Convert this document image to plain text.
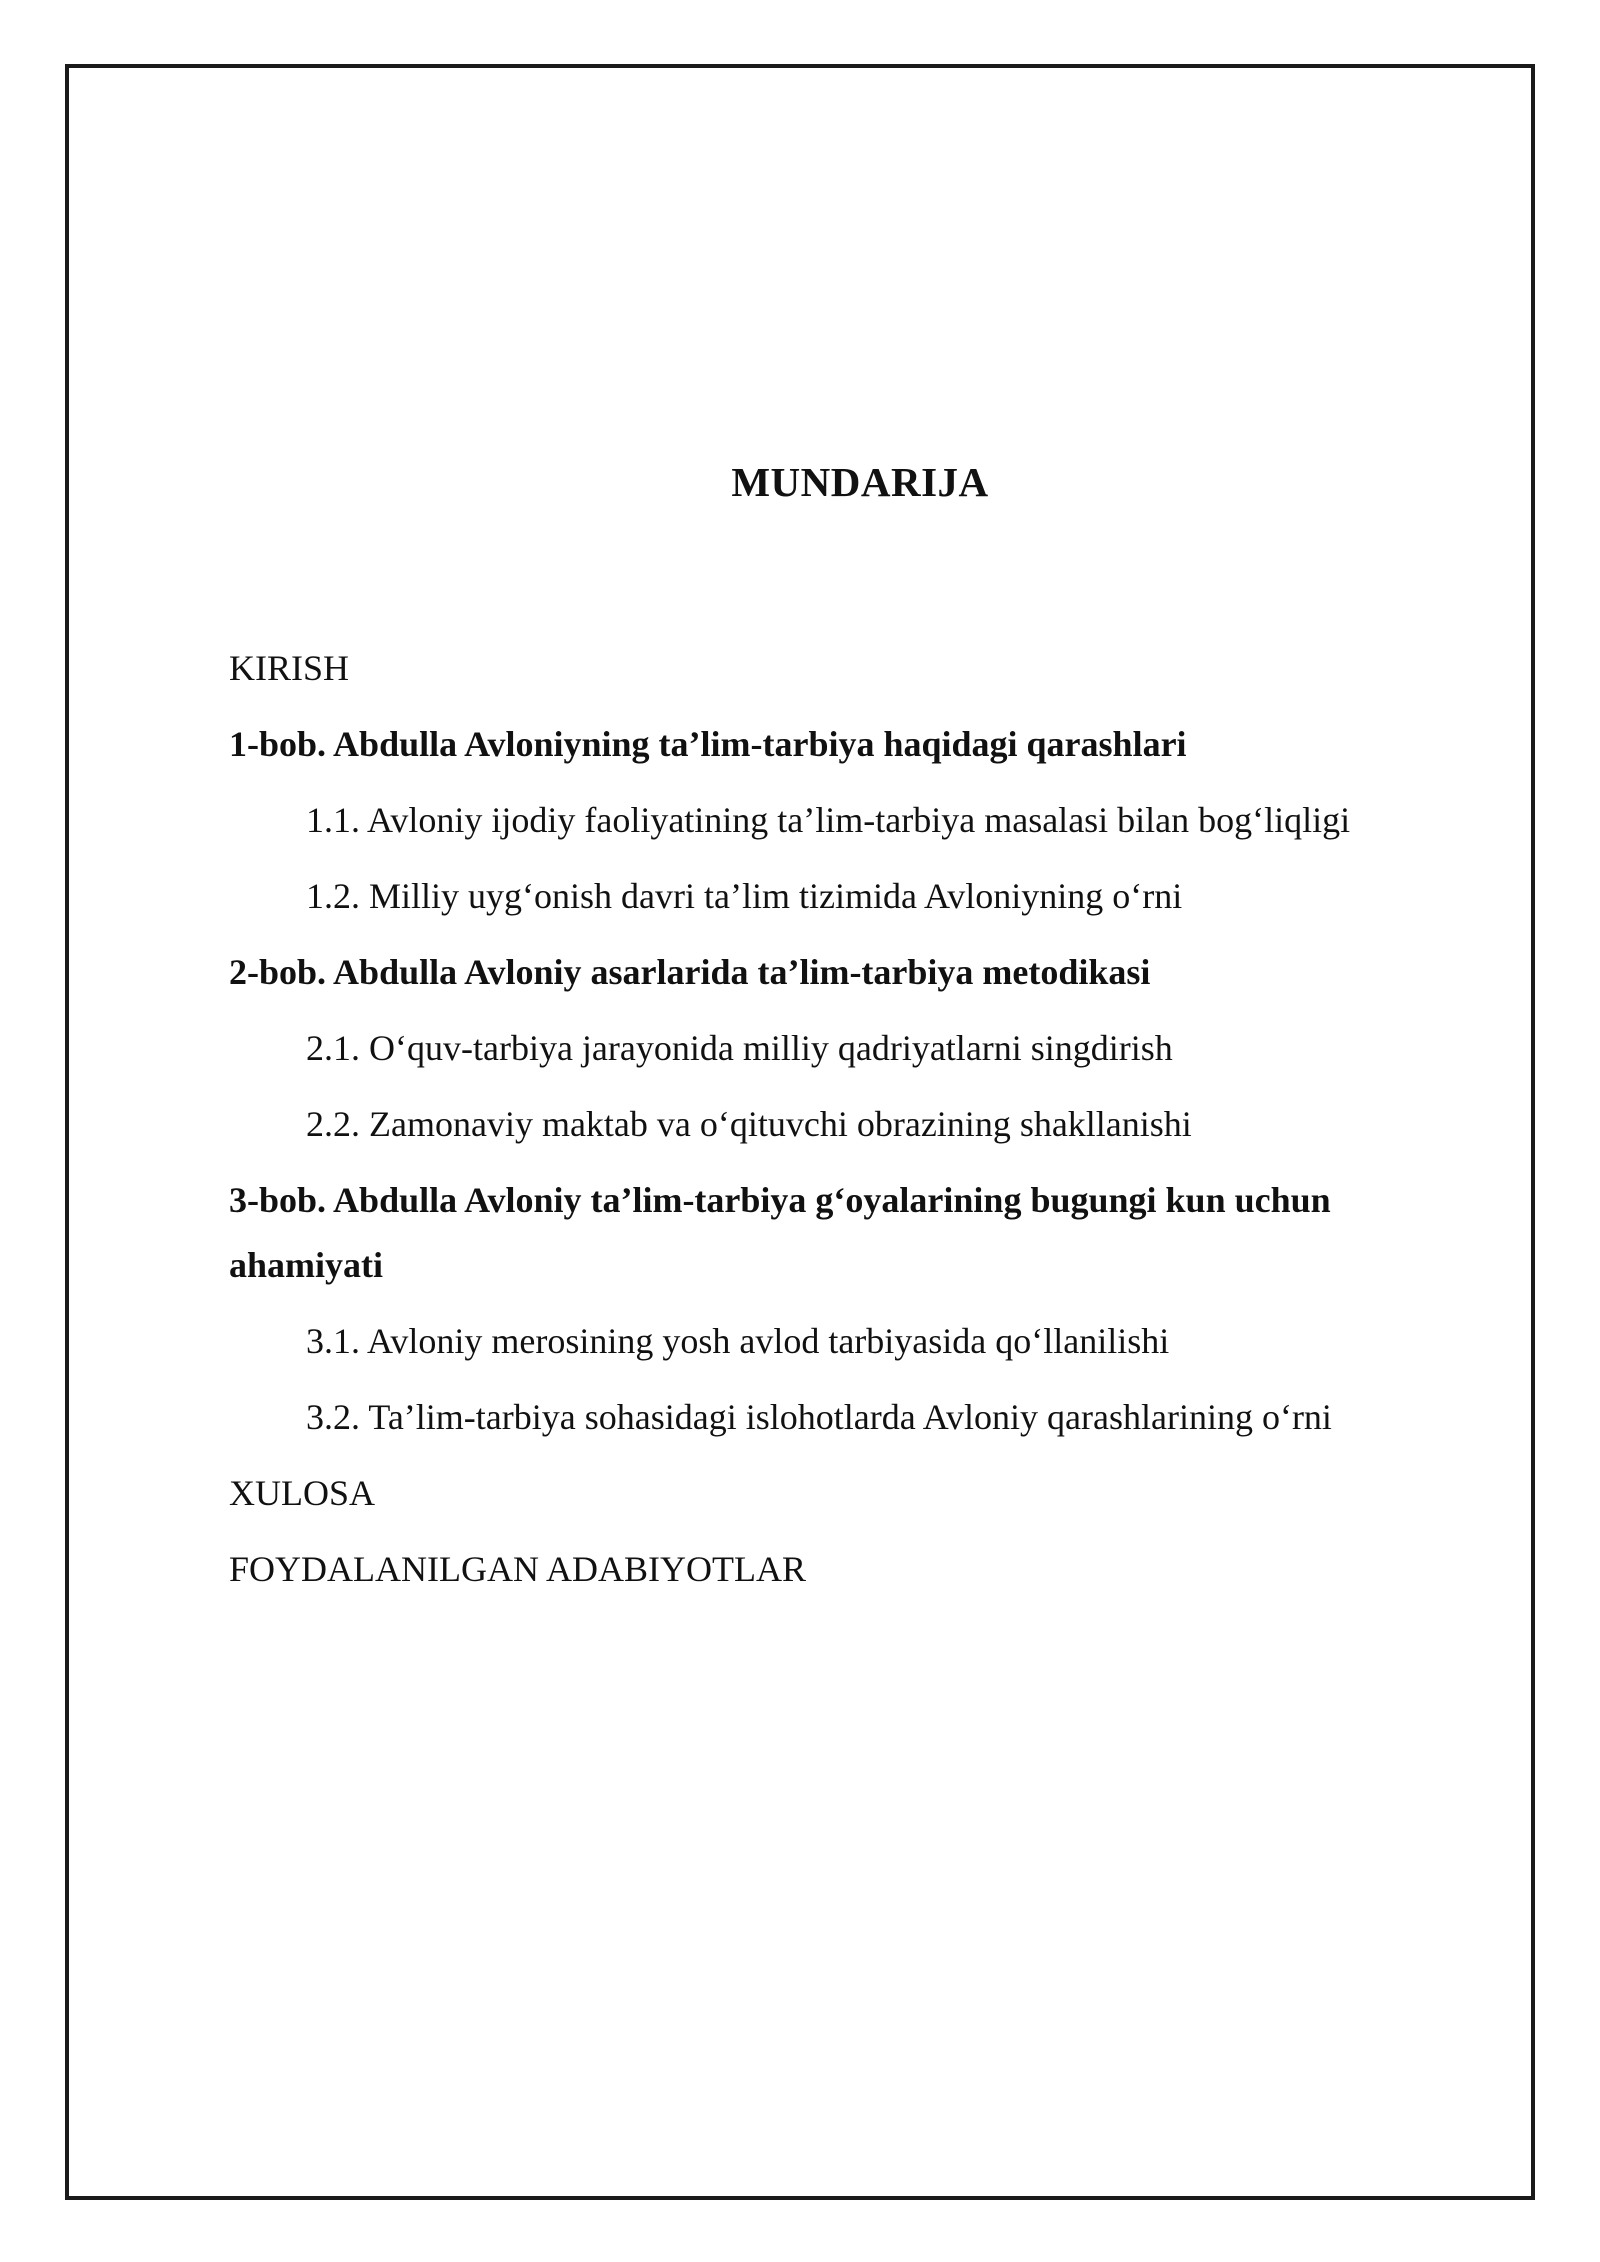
MUNDARIJA
KIRISH
1-bob. Abdulla Avloniyning ta’lim-tarbiya haqidagi qarashlari
1.1. Avloniy ijodiy faoliyatining ta’lim-tarbiya masalasi bilan bog‘liqligi
1.2. Milliy uyg‘onish davri ta’lim tizimida Avloniyning o‘rni
2-bob. Abdulla Avloniy asarlarida ta’lim-tarbiya metodikasi
2.1. O‘quv-tarbiya jarayonida milliy qadriyatlarni singdirish
2.2. Zamonaviy maktab va o‘qituvchi obrazining shakllanishi
3-bob. Abdulla Avloniy ta’lim-tarbiya g‘oyalarining bugungi kun uchun ahamiyati
3.1. Avloniy merosining yosh avlod tarbiyasida qo‘llanilishi
3.2. Ta’lim-tarbiya sohasidagi islohotlarda Avloniy qarashlarining o‘rni
XULOSA
FOYDALANILGAN ADABIYOTLAR
